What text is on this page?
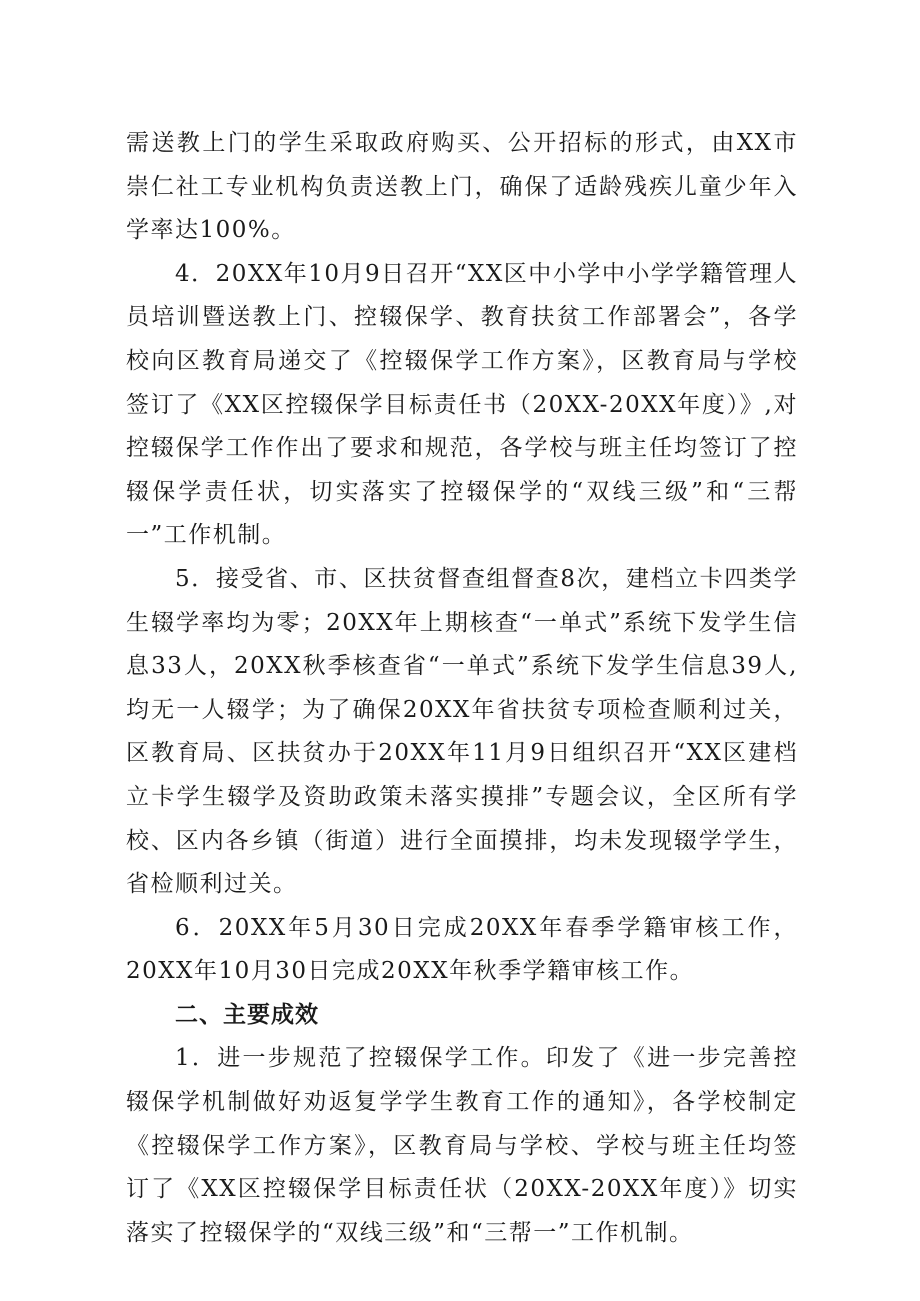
需送教上门的学生采取政府购买、公开招标的形式，由XX市崇仁社工专业机构负责送教上门，确保了适龄残疾儿童少年入学率达100%。

4．20XX年10月9日召开“XX区中小学中小学学籍管理人员培训暨送教上门、控辍保学、教育扶贫工作部署会”，各学校向区教育局递交了《控辍保学工作方案》，区教育局与学校签订了《XX区控辍保学目标责任书（20XX-20XX年度）》,对控辍保学工作作出了要求和规范，各学校与班主任均签订了控辍保学责任状，切实落实了控辍保学的“双线三级”和“三帮一”工作机制。

5．接受省、市、区扶贫督查组督查8次，建档立卡四类学生辍学率均为零；20XX年上期核查“一单式”系统下发学生信息33人，20XX秋季核查省“一单式”系统下发学生信息39人,均无一人辍学；为了确保20XX年省扶贫专项检查顺利过关，区教育局、区扶贫办于20XX年11月9日组织召开“XX区建档立卡学生辍学及资助政策未落实摸排”专题会议，全区所有学校、区内各乡镇（街道）进行全面摸排，均未发现辍学学生，省检顺利过关。

6．20XX年5月30日完成20XX年春季学籍审核工作，20XX年10月30日完成20XX年秋季学籍审核工作。

二、主要成效

1．进一步规范了控辍保学工作。印发了《进一步完善控辍保学机制做好劝返复学学生教育工作的通知》，各学校制定《控辍保学工作方案》，区教育局与学校、学校与班主任均签订了《XX区控辍保学目标责任状（20XX-20XX年度）》切实落实了控辍保学的“双线三级”和“三帮一”工作机制。
